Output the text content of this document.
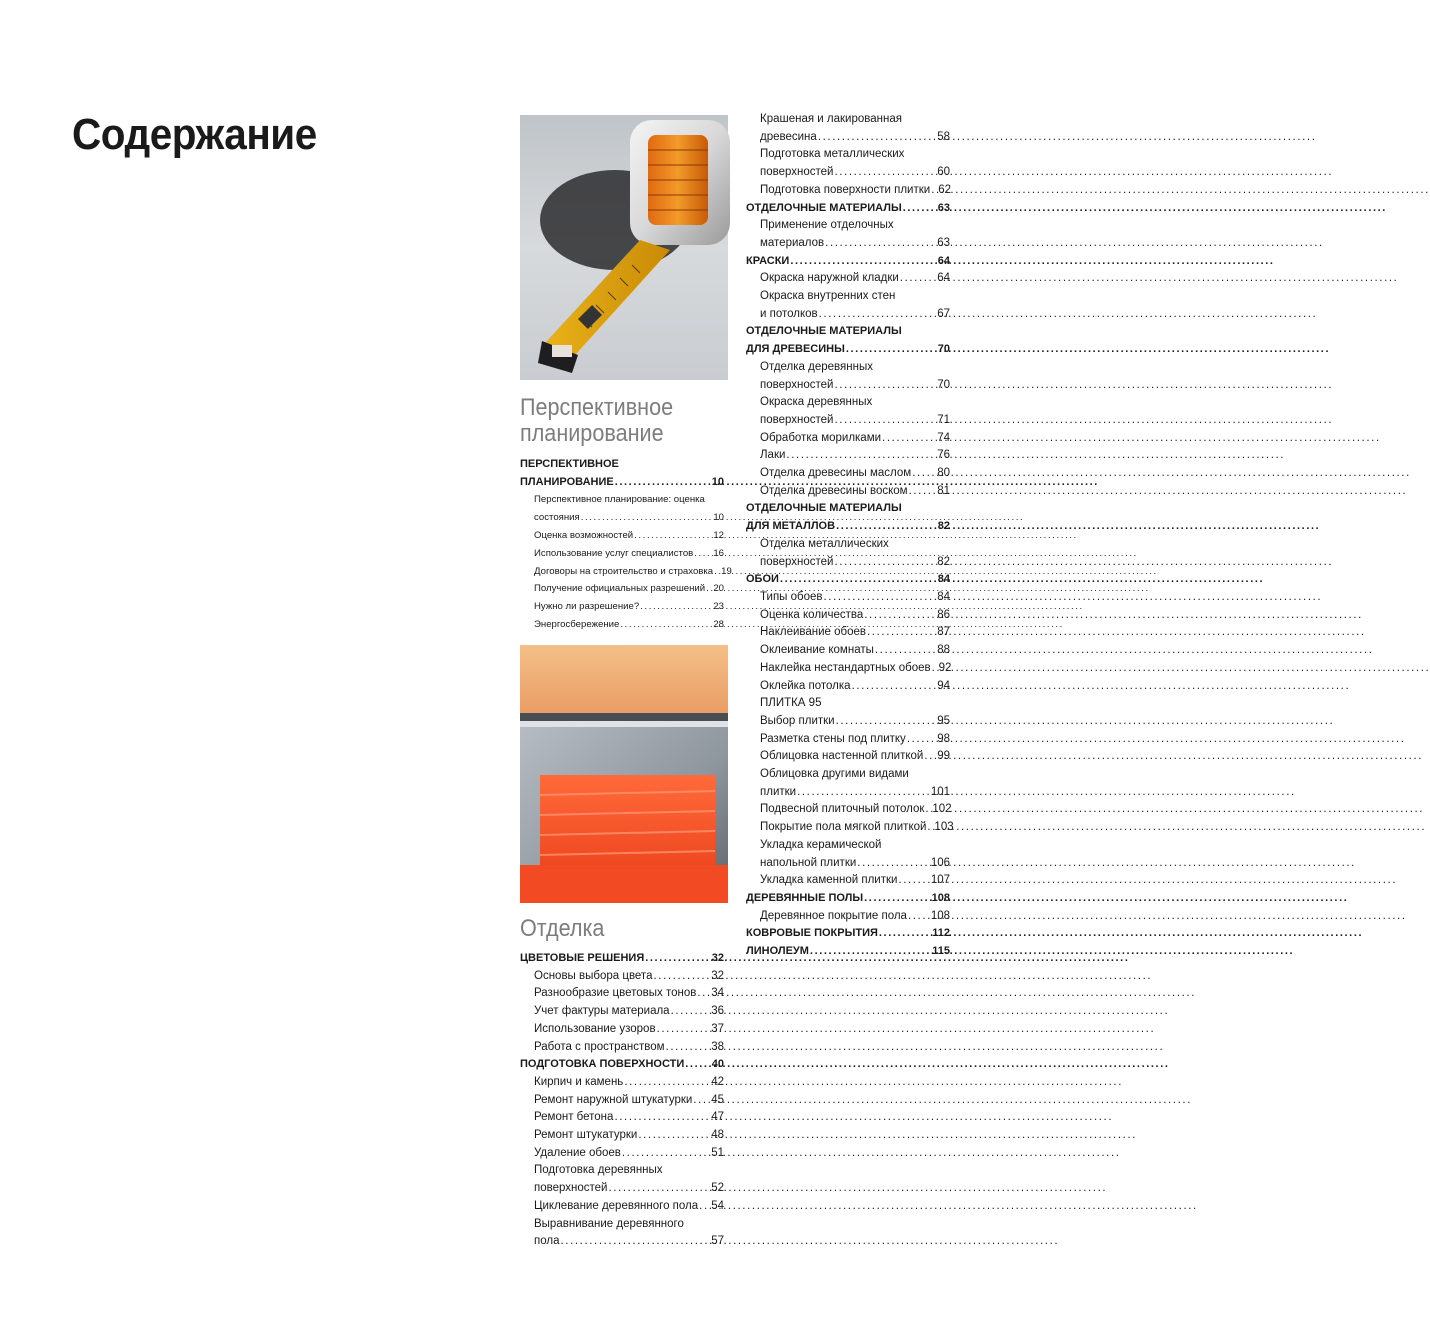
Содержание
Перспективное
планирование
ПЕРСПЕКТИВНОЕ
ПЛАНИРОВАНИЕ .....	10
Перспективное планирование: оценка
состояния .....	10
Оценка возможностей .....	12
Использование услуг специалистов ..... 16
Договоры на строительство и страховка ..... 19
Получение официальных разрешений ..... 20
Нужно ли разрешение? .....	23
Энергосбережение .....	28
Отделка
ЦВЕТОВЫЕ РЕШЕНИЯ .....	32
Основы выбора цвета .....	32
Разнообразие цветовых тонов ..... 34
Учет фактуры материала .....	36
Использование узоров .....	37
Работа с пространством .....	38
ПОДГОТОВКА ПОВЕРХНОСТИ ..... 40
Кирпич и камень .....	42
Ремонт наружной штукатурки ..... 45
Ремонт бетона .....	47
Ремонт штукатурки .....	48
Удаление обоев .....	51
Подготовка деревянных
поверхностей .....	52
Циклевание деревянного пола ..... 54
Выравнивание деревянного
пола .....	57
Крашеная и лакированная
древесина .....	58
Подготовка металлических
поверхностей .....	60
Подготовка поверхности плитки ..... 62
ОТДЕЛОЧНЫЕ МАТЕРИАЛЫ .....	63
Применение отделочных
материалов .....	63
КРАСКИ .....	64
Окраска наружной кладки .....	64
Окраска внутренних стен
и потолков .....	67
ОТДЕЛОЧНЫЕ МАТЕРИАЛЫ
ДЛЯ ДРЕВЕСИНЫ .....	70
Отделка деревянных
поверхностей .....	70
Окраска деревянных
поверхностей .....	71
Обработка морилками .....	74
Лаки .....	76
Отделка древесины маслом ..... 80
Отделка древесины воском .....	81
ОТДЕЛОЧНЫЕ МАТЕРИАЛЫ
ДЛЯ МЕТАЛЛОВ .....	82
Отделка металлических
поверхностей .....	82
ОБОИ .....	84
Типы обоев .....	84
Оценка количества .....	86
Наклеивание обоев .....	87
Оклеивание комнаты .....	88
Наклейка нестандартных обоев ..... 92
Оклейка потолка .....	94
ПЛИТКА 95
Выбор плитки .....	95
Разметка стены под плитку .....	98
Облицовка настенной плиткой ..... 99
Облицовка другими видами
плитки .....	101
Подвесной плиточный потолок ..... 102
Покрытие пола мягкой плиткой ..... 103
Укладка керамической
напольной плитки .....	106
Укладка каменной плитки .....	107
ДЕРЕВЯННЫЕ ПОЛЫ .....	108
Деревянное покрытие пола ..... 108
КОВРОВЫЕ ПОКРЫТИЯ .....	112
ЛИНОЛЕУМ .....	115
